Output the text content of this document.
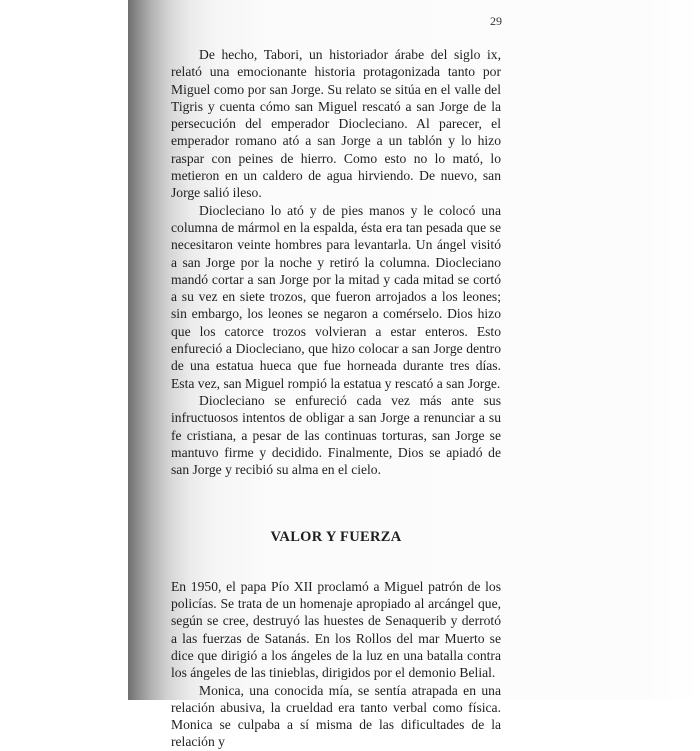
29

De hecho, Tabori, un historiador árabe del siglo ix, relató una emocionante historia protagonizada tanto por Miguel como por san Jorge. Su relato se sitúa en el valle del Tigris y cuenta cómo san Miguel rescató a san Jorge de la persecución del emperador Diocleciano. Al parecer, el emperador romano ató a san Jorge a un tablón y lo hizo raspar con peines de hierro. Como esto no lo mató, lo metieron en un caldero de agua hirviendo. De nuevo, san Jorge salió ileso.

Diocleciano lo ató y de pies manos y le colocó una columna de mármol en la espalda, ésta era tan pesada que se necesitaron veinte hombres para levantarla. Un ángel visitó a san Jorge por la noche y retiró la columna. Diocleciano mandó cortar a san Jorge por la mitad y cada mitad se cortó a su vez en siete trozos, que fueron arrojados a los leones; sin embargo, los leones se negaron a comérselo. Dios hizo que los catorce trozos volvieran a estar enteros. Esto enfureció a Diocleciano, que hizo colocar a san Jorge dentro de una estatua hueca que fue horneada durante tres días. Esta vez, san Miguel rompió la estatua y rescató a san Jorge.

Diocleciano se enfureció cada vez más ante sus infructuosos intentos de obligar a san Jorge a renunciar a su fe cristiana, a pesar de las continuas torturas, san Jorge se mantuvo firme y decidido. Finalmente, Dios se apiadó de san Jorge y recibió su alma en el cielo.

VALOR Y FUERZA

En 1950, el papa Pío XII proclamó a Miguel patrón de los policías. Se trata de un homenaje apropiado al arcángel que, según se cree, destruyó las huestes de Senaquerib y derrotó a las fuerzas de Satanás. En los Rollos del mar Muerto se dice que dirigió a los ángeles de la luz en una batalla contra los ángeles de las tinieblas, dirigidos por el demonio Belial.

Monica, una conocida mía, se sentía atrapada en una relación abusiva, la crueldad era tanto verbal como física. Monica se culpaba a sí misma de las dificultades de la relación y
